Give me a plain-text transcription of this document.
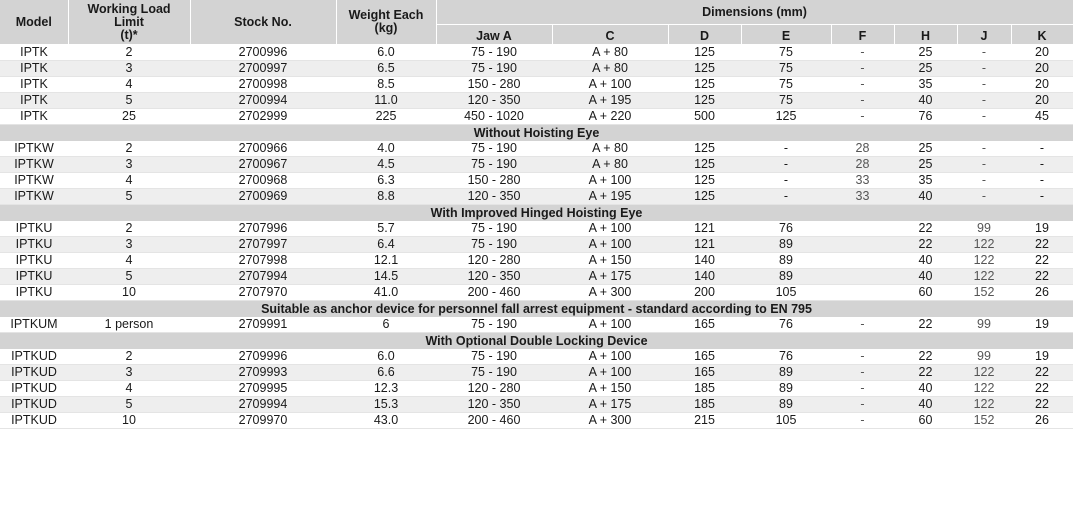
Model	Working Load
Limit
(t)*	Stock No.	Weight Each
(kg)	Dimensions (mm)							
				Jaw A	C	D	E	F	H	J	K
IPTK	2	2700996	6.0	75 - 190	A + 80	125	75	-	25	-	20
IPTK	3	2700997	6.5	75 - 190	A + 80	125	75	-	25	-	20
IPTK	4	2700998	8.5	150 - 280	A + 100	125	75	-	35	-	20
IPTK	5	2700994	11.0	120 - 350	A + 195	125	75	-	40	-	20
IPTK	25	2702999	225	450 - 1020	A + 220	500	125	-	76	-	45
Without Hoisting Eye											
IPTKW	2	2700966	4.0	75 - 190	A + 80	125	-	28	25	-	-
IPTKW	3	2700967	4.5	75 - 190	A + 80	125	-	28	25	-	-
IPTKW	4	2700968	6.3	150 - 280	A + 100	125	-	33	35	-	-
IPTKW	5	2700969	8.8	120 - 350	A + 195	125	-	33	40	-	-
With Improved Hinged Hoisting Eye											
IPTKU	2	2707996	5.7	75 - 190	A + 100	121	76		22	99	19
IPTKU	3	2707997	6.4	75 - 190	A + 100	121	89		22	122	22
IPTKU	4	2707998	12.1	120 - 280	A + 150	140	89		40	122	22
IPTKU	5	2707994	14.5	120 - 350	A + 175	140	89		40	122	22
IPTKU	10	2707970	41.0	200 - 460	A + 300	200	105		60	152	26
Suitable as anchor device for personnel fall arrest equipment - standard according to EN 795											
IPTKUM	1 person	2709991	6	75 - 190	A + 100	165	76	-	22	99	19
With Optional Double Locking Device											
IPTKUD	2	2709996	6.0	75 - 190	A + 100	165	76	-	22	99	19
IPTKUD	3	2709993	6.6	75 - 190	A + 100	165	89	-	22	122	22
IPTKUD	4	2709995	12.3	120 - 280	A + 150	185	89	-	40	122	22
IPTKUD	5	2709994	15.3	120 - 350	A + 175	185	89	-	40	122	22
IPTKUD	10	2709970	43.0	200 - 460	A + 300	215	105	-	60	152	26
